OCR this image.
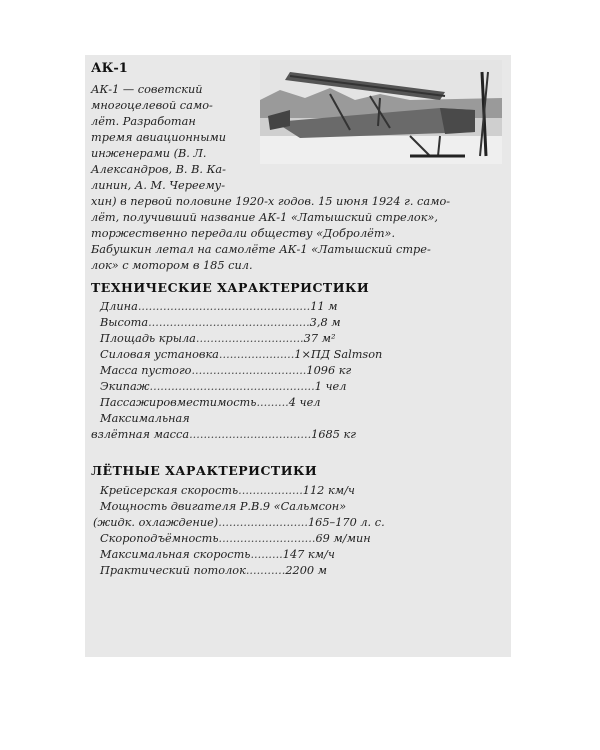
АК-1
АК-1 — советский
многоцелевой само-
лёт. Разработан
тремя авиационными
инженерами (В. Л.
Александров, В. В. Ка-
линин, А. М. Череему-
хин) в первой половине 1920-х годов. 15 июня 1924 г. само-
лёт, получивший название АК-1 «Латышский стрелок»,
торжественно передали обществу «Добролёт».
Бабушкин летал на самолёте АК-1 «Латышский стре-
лок» с мотором в 185 сил.
ТЕХНИЧЕСКИЕ ХАРАКТЕРИСТИКИ
Длина................................................11 м
Высота.............................................3,8 м
Площадь крыла..............................37 м²
Силовая установка.....................1×ПД Salmson
Масса пустого................................1096 кг
Экипаж..............................................1 чел
Пассажировместимость.........4 чел
Максимальная
взлётная масса..................................1685 кг
ЛЁТНЫЕ ХАРАКТЕРИСТИКИ
Крейсерская скорость..................112 км/ч
Мощность двигателя Р.В.9 «Сальмсон»
(жидк. охлаждение).........................165–170 л. с.
Скороподъёмность...........................69 м/мин
Максимальная скорость.........147 км/ч
Практический потолок...........2200 м
